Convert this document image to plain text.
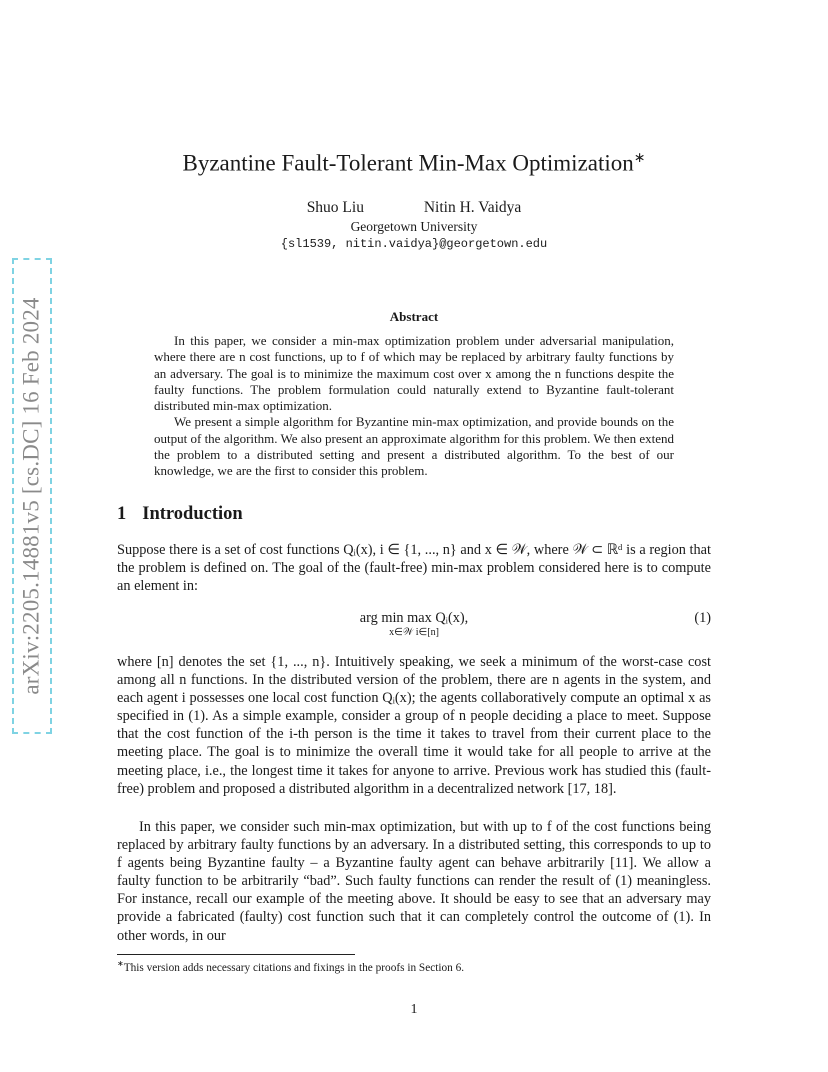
arXiv:2205.14881v5 [cs.DC] 16 Feb 2024
Byzantine Fault-Tolerant Min-Max Optimization∗
Shuo Liu	Nitin H. Vaidya
Georgetown University
{sl1539, nitin.vaidya}@georgetown.edu
Abstract

In this paper, we consider a min-max optimization problem under adversarial manipulation, where there are n cost functions, up to f of which may be replaced by arbitrary faulty functions by an adversary. The goal is to minimize the maximum cost over x among the n functions despite the faulty functions. The problem formulation could naturally extend to Byzantine fault-tolerant distributed min-max optimization.

We present a simple algorithm for Byzantine min-max optimization, and provide bounds on the output of the algorithm. We also present an approximate algorithm for this problem. We then extend the problem to a distributed setting and present a distributed algorithm. To the best of our knowledge, we are the first to consider this problem.

1 Introduction

Suppose there is a set of cost functions Qᵢ(x), i ∈ {1, ..., n} and x ∈ 𝒲, where 𝒲 ⊂ ℝᵈ is a region that the problem is defined on. The goal of the (fault-free) min-max problem considered here is to compute an element in:

arg min max Qᵢ(x),
x∈𝒲 i∈[n]
(1)

where [n] denotes the set {1, ..., n}. Intuitively speaking, we seek a minimum of the worst-case cost among all n functions. In the distributed version of the problem, there are n agents in the system, and each agent i possesses one local cost function Qᵢ(x); the agents collaboratively compute an optimal x as specified in (1). As a simple example, consider a group of n people deciding a place to meet. Suppose that the cost function of the i-th person is the time it takes to travel from their current place to the meeting place. The goal is to minimize the overall time it would take for all people to arrive at the meeting place, i.e., the longest time it takes for anyone to arrive. Previous work has studied this (fault-free) problem and proposed a distributed algorithm in a decentralized network [17, 18].

In this paper, we consider such min-max optimization, but with up to f of the cost functions being replaced by arbitrary faulty functions by an adversary. In a distributed setting, this corresponds to up to f agents being Byzantine faulty – a Byzantine faulty agent can behave arbitrarily [11]. We allow a faulty function to be arbitrarily “bad”. Such faulty functions can render the result of (1) meaningless. For instance, recall our example of the meeting above. It should be easy to see that an adversary may provide a fabricated (faulty) cost function such that it can completely control the outcome of (1). In other words, in our

∗This version adds necessary citations and fixings in the proofs in Section 6.
1
